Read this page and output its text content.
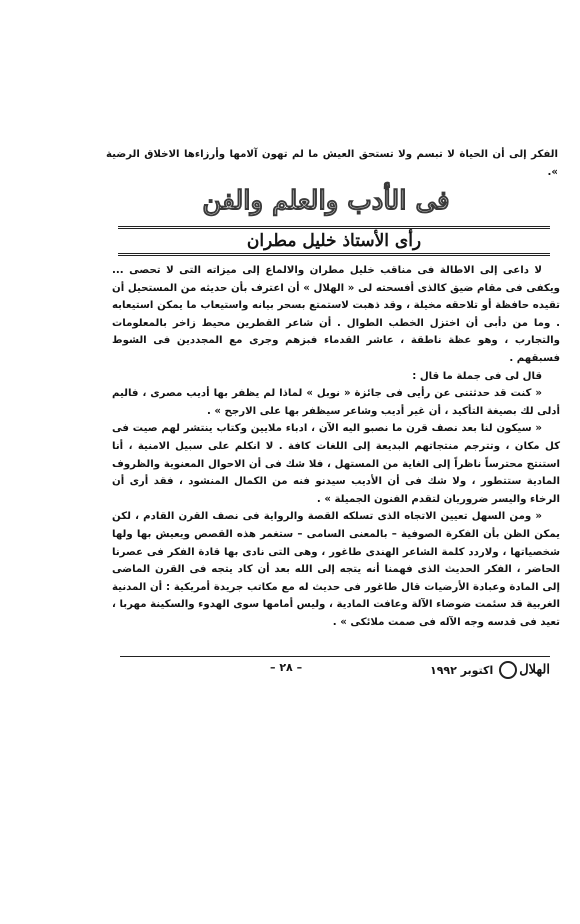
الفكر إلى أن الحياة لا تبسم ولا تستحق العيش ما لم تهون آلامها وأرزاءها الاخلاق الرضية ».

فى الأدب والعلم والفن
رأى الأستاذ خليل مطران

لا داعى إلى الاطالة فى مناقب خليل مطران والالماع إلى ميزاته التى لا تحصى ... ويكفى فى مقام ضيق كالذى أفسحته لى « الهلال » أن اعترف بأن حديثه من المستحيل أن تقيده حافظة أو تلاحقه مخيلة ، وقد ذهبت لاستمتع بسحر بيانه واستيعاب ما يمكن استيعابه . وما من دأبى أن اختزل الخطب الطوال . أن شاعر القطرين محيط زاخر بالمعلومات والتجارب ، وهو عظة ناطقة ، عاشر القدماء فبزهم وجرى مع المجددين فى الشوط فسبقهم .

قال لى فى جملة ما قال :

« كنت قد حدثتنى عن رأيى فى جائزة « نوبل » لماذا لم يظفر بها أديب مصرى ، فاليم أدلى لك بصيغة التأكيد ، أن غير أديب وشاعر سيظفر بها على الارجح » .

« سيكون لنا بعد نصف قرن ما نصبو اليه الآن ، ادباء ملايين وكتاب ينتشر لهم صيت فى كل مكان ، وتترجم منتجاتهم البديعة إلى اللغات كافة . لا انكلم على سبيل الامنية ، أنا استنتج محترساً ناظراً إلى الغاية من المستهل ، فلا شك فى أن الاحوال المعنوية والظروف المادية ستتطور ، ولا شك فى أن الأديب سيدنو فنه من الكمال المنشود ، فقد أرى أن الرخاء واليسر ضروريان لتقدم الفنون الجميلة » .

« ومن السهل تعيين الاتجاه الذى تسلكه القصة والرواية فى نصف القرن القادم ، لكن يمكن الظن بأن الفكرة الصوفية – بالمعنى السامى – ستغمر هذه القصص ويعيش بها ولها شخصياتها ، ولاردد كلمة الشاعر الهندى طاغور ، وهى التى نادى بها قادة الفكر فى عصرنا الحاضر ، الفكر الحديث الذى فهمنا أنه يتجه إلى الله بعد أن كاد يتجه فى القرن الماضى إلى المادة وعبادة الأرضيات قال طاغور فى حديث له مع مكاتب جريدة أمريكية : أن المدنية الغربية قد سئمت ضوضاء الآلة وعافت المادية ، وليس أمامها سوى الهدوء والسكينة مهربا ، تعيد فى قدسه وجه الآله فى صمت ملائكى » .

الهلال
اكتوبر ١٩٩٢
– ٢٨ –
